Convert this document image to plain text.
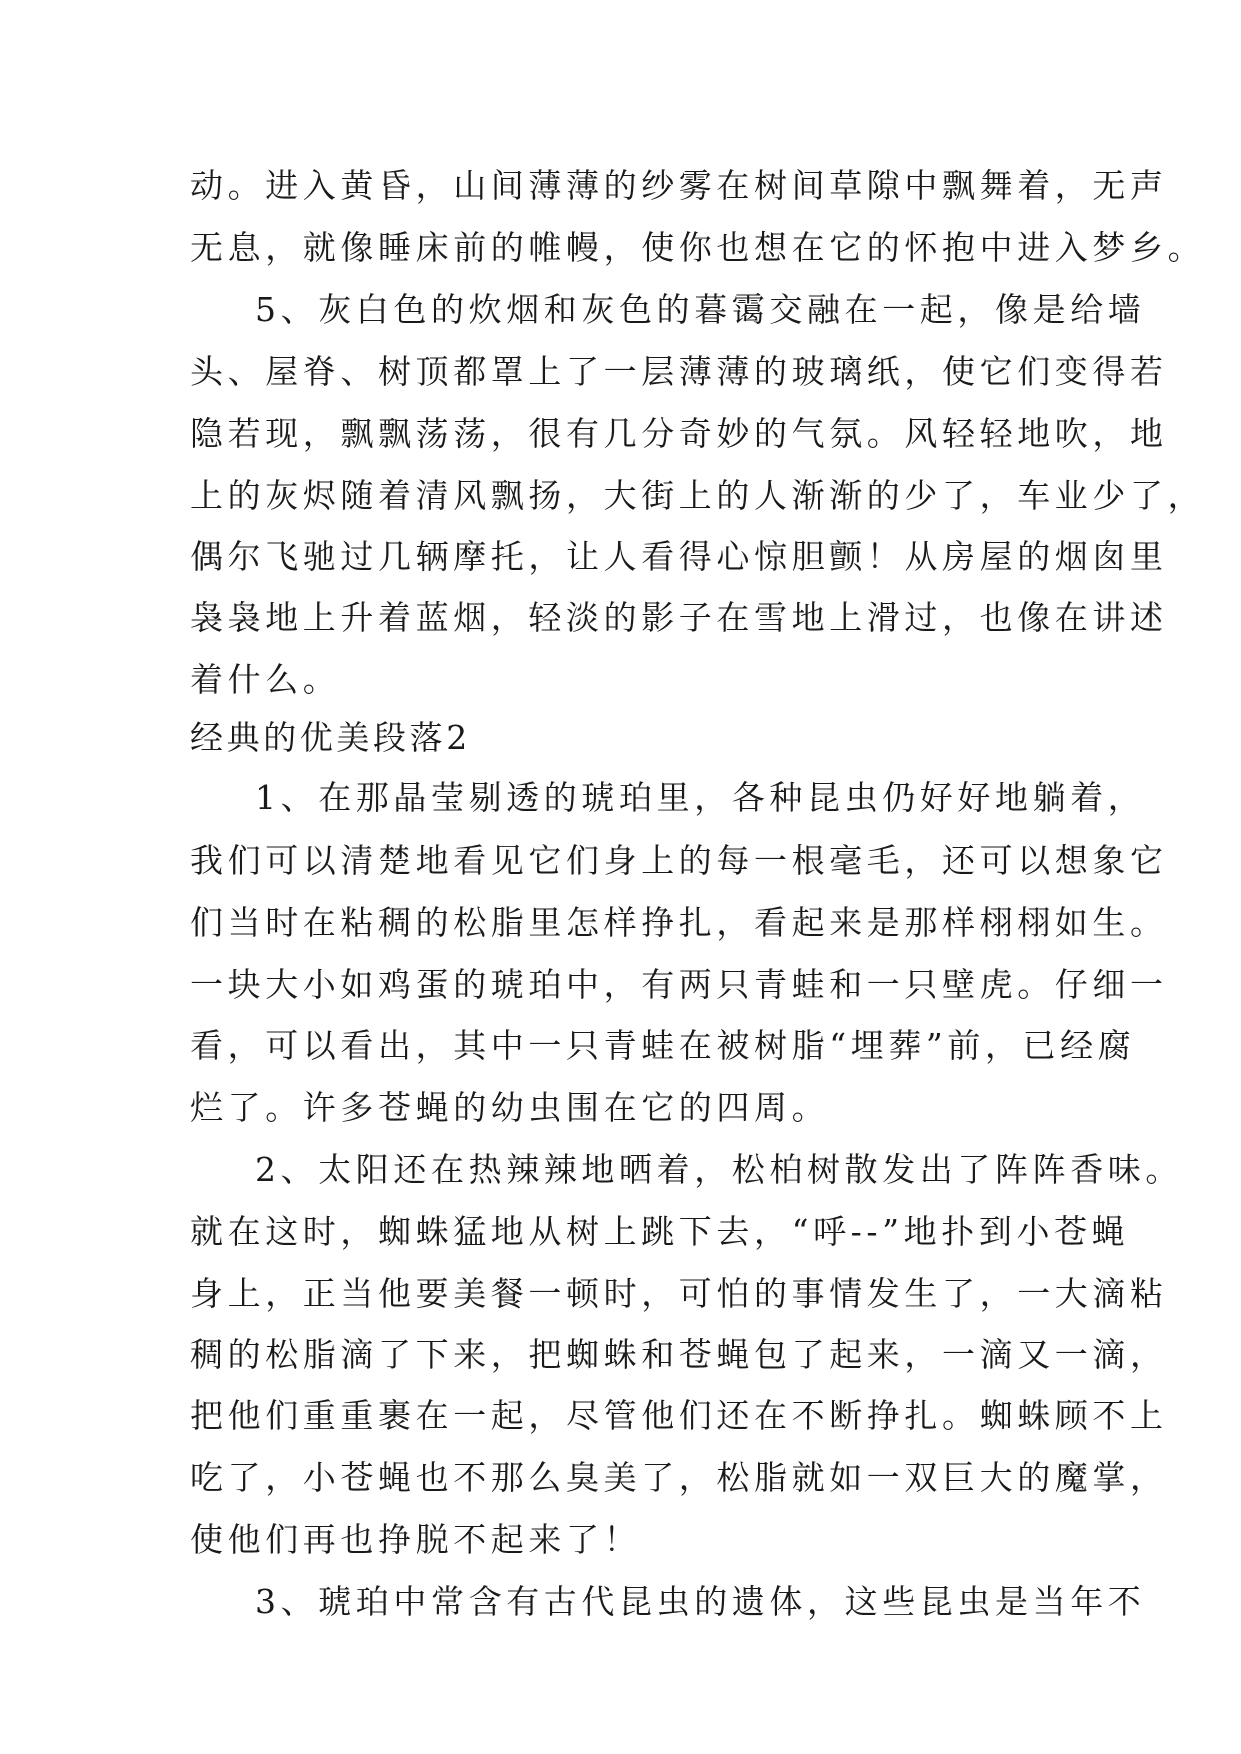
动。进入黄昏，山间薄薄的纱雾在树间草隙中飘舞着，无声
无息，就像睡床前的帷幔，使你也想在它的怀抱中进入梦乡。
5、灰白色的炊烟和灰色的暮霭交融在一起，像是给墙
头、屋脊、树顶都罩上了一层薄薄的玻璃纸，使它们变得若
隐若现，飘飘荡荡，很有几分奇妙的气氛。风轻轻地吹，地
上的灰烬随着清风飘扬，大街上的人渐渐的少了，车业少了，
偶尔飞驰过几辆摩托，让人看得心惊胆颤！从房屋的烟囱里
袅袅地上升着蓝烟，轻淡的影子在雪地上滑过，也像在讲述
着什么。
经典的优美段落2
1、在那晶莹剔透的琥珀里，各种昆虫仍好好地躺着，
我们可以清楚地看见它们身上的每一根毫毛，还可以想象它
们当时在粘稠的松脂里怎样挣扎，看起来是那样栩栩如生。
一块大小如鸡蛋的琥珀中，有两只青蛙和一只壁虎。仔细一
看，可以看出，其中一只青蛙在被树脂“埋葬”前，已经腐
烂了。许多苍蝇的幼虫围在它的四周。
2、太阳还在热辣辣地晒着，松柏树散发出了阵阵香味。
就在这时，蜘蛛猛地从树上跳下去，“呼--”地扑到小苍蝇
身上，正当他要美餐一顿时，可怕的事情发生了，一大滴粘
稠的松脂滴了下来，把蜘蛛和苍蝇包了起来，一滴又一滴，
把他们重重裹在一起，尽管他们还在不断挣扎。蜘蛛顾不上
吃了，小苍蝇也不那么臭美了，松脂就如一双巨大的魔掌，
使他们再也挣脱不起来了！
3、琥珀中常含有古代昆虫的遗体，这些昆虫是当年不
